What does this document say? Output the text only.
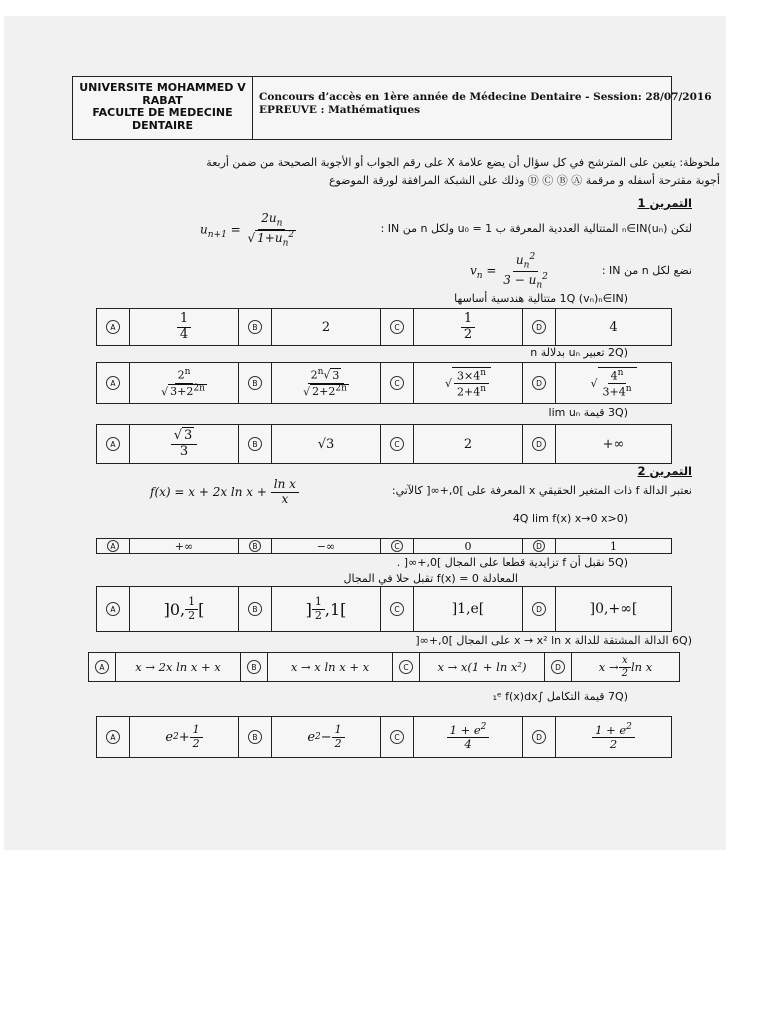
UNIVERSITE MOHAMMED V
RABAT
FACULTE DE MEDECINE
DENTAIRE
Concours d’accès en 1ère année de Médecine Dentaire - Session: 28/07/2016
EPREUVE : Mathématiques
ملحوظة: يتعين على المترشح في كل سؤال أن يضع علامة X على رقم الجواب أو الأجوبة الصحيحة من ضمن أربعة
أجوبة مقترحة أسفله و مرقمة Ⓓ Ⓒ Ⓑ Ⓐ وذلك على الشبكة المرافقة لورقة الموضوع
التمرين 1
لتكن (uₙ)ₙ∈IN المتتالية العددية المعرفة ب 1 = u₀ ولكل n من IN :
$u_{n+1} = \frac{2u_n}{√ 1+u_n^2}$
نضع لكل n من IN :
$v_n = \frac{u_n^2}{3 - u_n^2}$
(1Q (vₙ)ₙ∈IN متتالية هندسية أساسها
A	$\frac{1}{4}$	B	2	C	$\frac{1}{2}$	D	4
(2Q تعبير uₙ بدلالة n
A	$\frac{2^n}{√ 3+2^{2n}}$	B	$\frac{2^n√ 3}{√ 2+2^{2n}}$	C	√ $\frac{3\times 4^n}{2+4^n}$	D	√ $\frac{4^n}{3+4^n}$
(3Q قيمة lim uₙ
A	$\frac{√ 3}{3}$	B	√3	C	2	D	+∞
التمرين 2
نعتبر الدالة f ذات المتغير الحقيقي x المعرفة على ]0,+∞[ كالآتي:
f(x) = x + 2x $\ln x + \frac{\text{ln x}}{x}$
(4Q lim f(x) x→0 x>0
A	+∞	B	−∞	C	0	D	1
(5Q نقبل أن f تزايدية قطعا على المجال ]0,+∞[ .
المعادلة f(x) = 0 تقبل حلا في المجال
A	]0, $\frac{1}{2}$ [	B	] $\frac{1}{2} ,1$[	C	]1,e[	D	]0,+∞[
(6Q الدالة المشتقة للدالة x → x² ln x على المجال ]0,+∞[
A	x → 2x ln x + x	B	x → x ln x + x	C	x → x(1 + ln x²)	D	$x \to \frac{x}{2}$ ln x
(7Q قيمة التكامل ∫₁ᵉ f(x)dx
A	e $2 + \frac{1}{2}$	B	e $2 - \frac{1}{2}$	C	$\frac{1 + e^2}{4}$	D	$\frac{1 + e^2}{2}$
